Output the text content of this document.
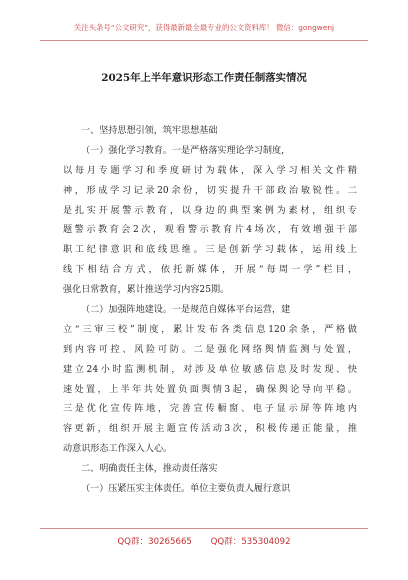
关注头条号“公文研究”，获得最新最全最专业的公文资料库！ 微信：gongwenj
2025年上半年意识形态工作责任制落实情况
一、坚持思想引领，筑牢思想基础
（一）强化学习教育。一是严格落实理论学习制度，
以每月专题学习和季度研讨为载体，深入学习相关文件精
神，形成学习记录20余份，切实提升干部政治敏锐性。二
是扎实开展警示教育，以身边的典型案例为素材，组织专
题警示教育会2次，观看警示教育片4场次，有效增强干部
职工纪律意识和底线思维。三是创新学习载体，运用线上
线下相结合方式，依托新媒体，开展“每周一学”栏目，
强化日常教育，累计推送学习内容25期。
（二）加强阵地建设。一是规范自媒体平台运营，建
立“三审三校”制度，累计发布各类信息120余条，严格做
到内容可控、风险可防。二是强化网络舆情监测与处置，
建立24小时监测机制，对涉及单位敏感信息及时发现、快
速处置，上半年共处置负面舆情3起，确保舆论导向平稳。
三是优化宣传阵地，完善宣传橱窗、电子显示屏等阵地内
容更新，组织开展主题宣传活动3次，积极传递正能量，推
动意识形态工作深入人心。
二、明确责任主体，推动责任落实
（一）压紧压实主体责任。单位主要负责人履行意识
QQ群：30265665 QQ群：535304092
